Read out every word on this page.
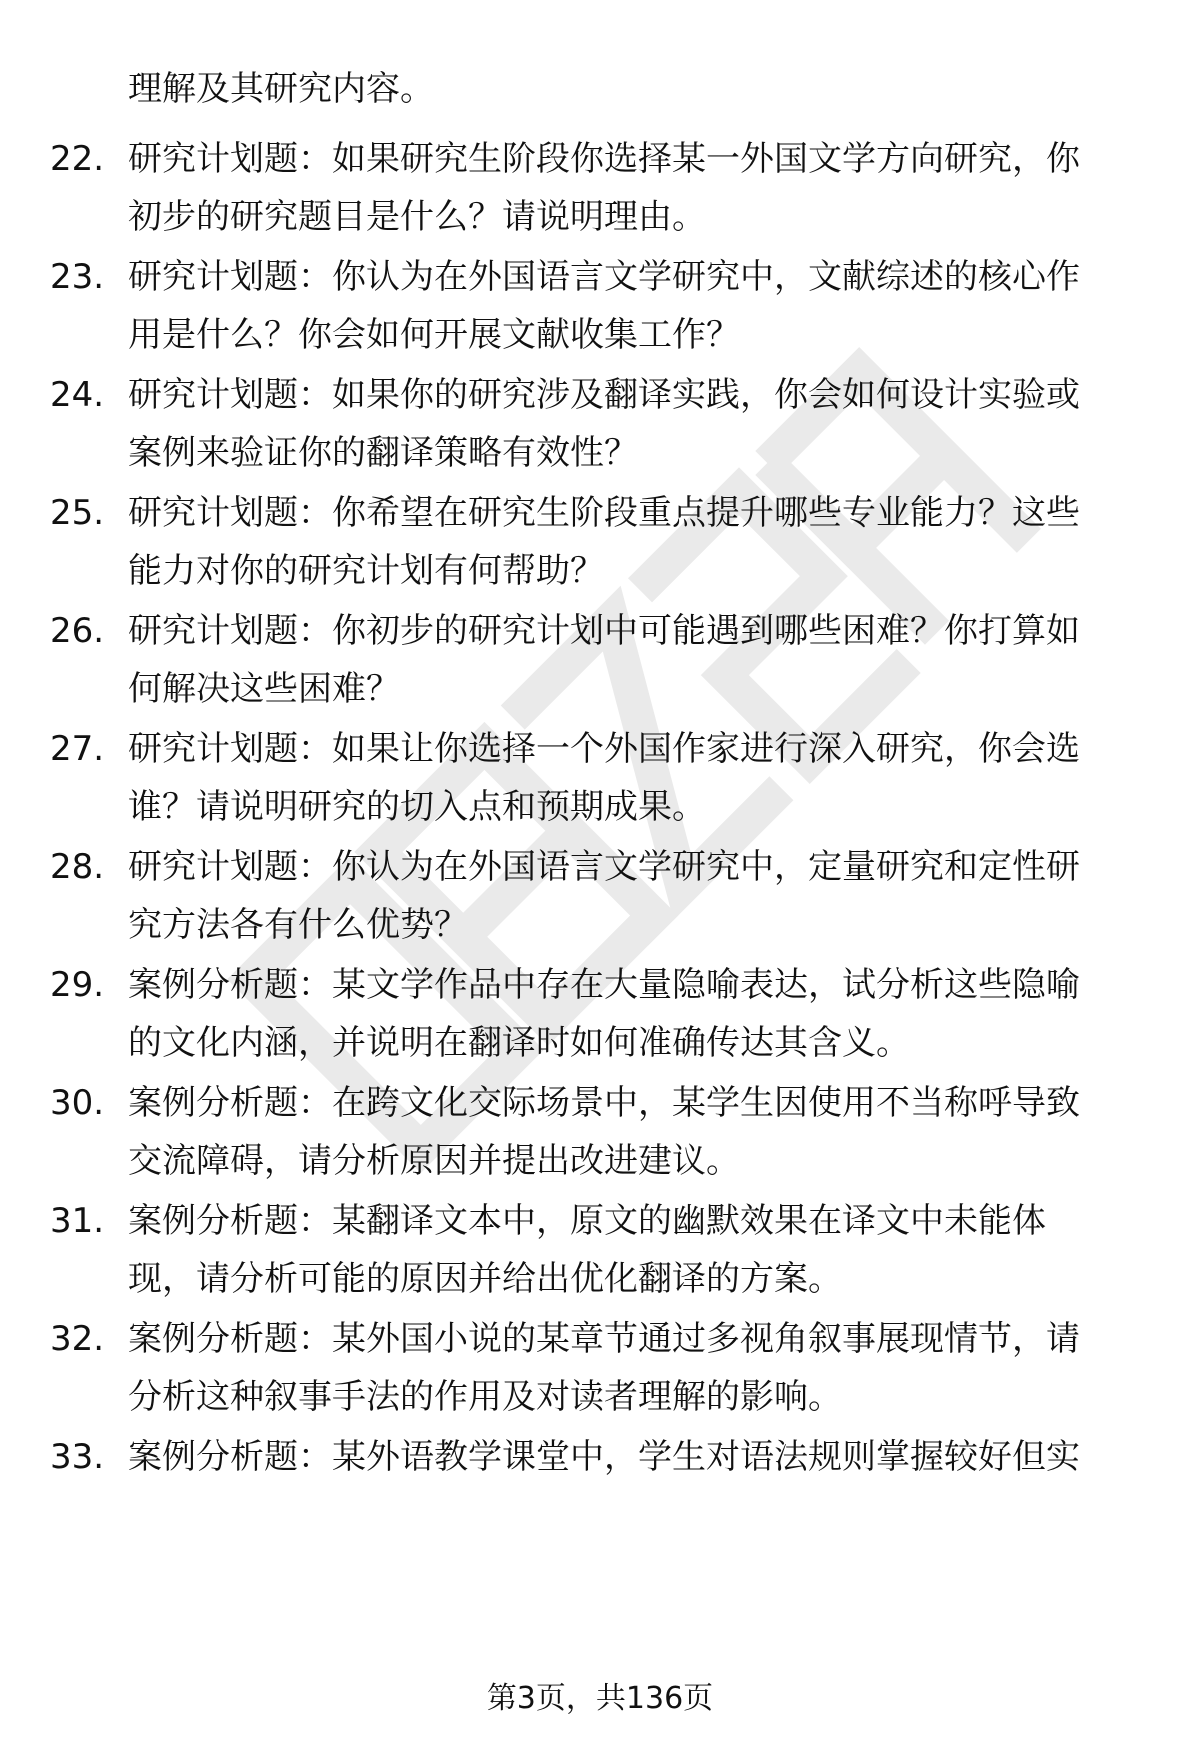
理解及其研究内容。
22. 研究计划题：如果研究生阶段你选择某一外国文学方向研究，你
初步的研究题目是什么？请说明理由。
23. 研究计划题：你认为在外国语言文学研究中，文献综述的核心作
用是什么？你会如何开展文献收集工作？
24. 研究计划题：如果你的研究涉及翻译实践，你会如何设计实验或
案例来验证你的翻译策略有效性？
25. 研究计划题：你希望在研究生阶段重点提升哪些专业能力？这些
能力对你的研究计划有何帮助？
26. 研究计划题：你初步的研究计划中可能遇到哪些困难？你打算如
何解决这些困难？
27. 研究计划题：如果让你选择一个外国作家进行深入研究，你会选
谁？请说明研究的切入点和预期成果。
28. 研究计划题：你认为在外国语言文学研究中，定量研究和定性研
究方法各有什么优势？
29. 案例分析题：某文学作品中存在大量隐喻表达，试分析这些隐喻
的文化内涵，并说明在翻译时如何准确传达其含义。
30. 案例分析题：在跨文化交际场景中，某学生因使用不当称呼导致
交流障碍，请分析原因并提出改进建议。
31. 案例分析题：某翻译文本中，原文的幽默效果在译文中未能体
现，请分析可能的原因并给出优化翻译的方案。
32. 案例分析题：某外国小说的某章节通过多视角叙事展现情节，请
分析这种叙事手法的作用及对读者理解的影响。
33. 案例分析题：某外语教学课堂中，学生对语法规则掌握较好但实
第3页，共136页
